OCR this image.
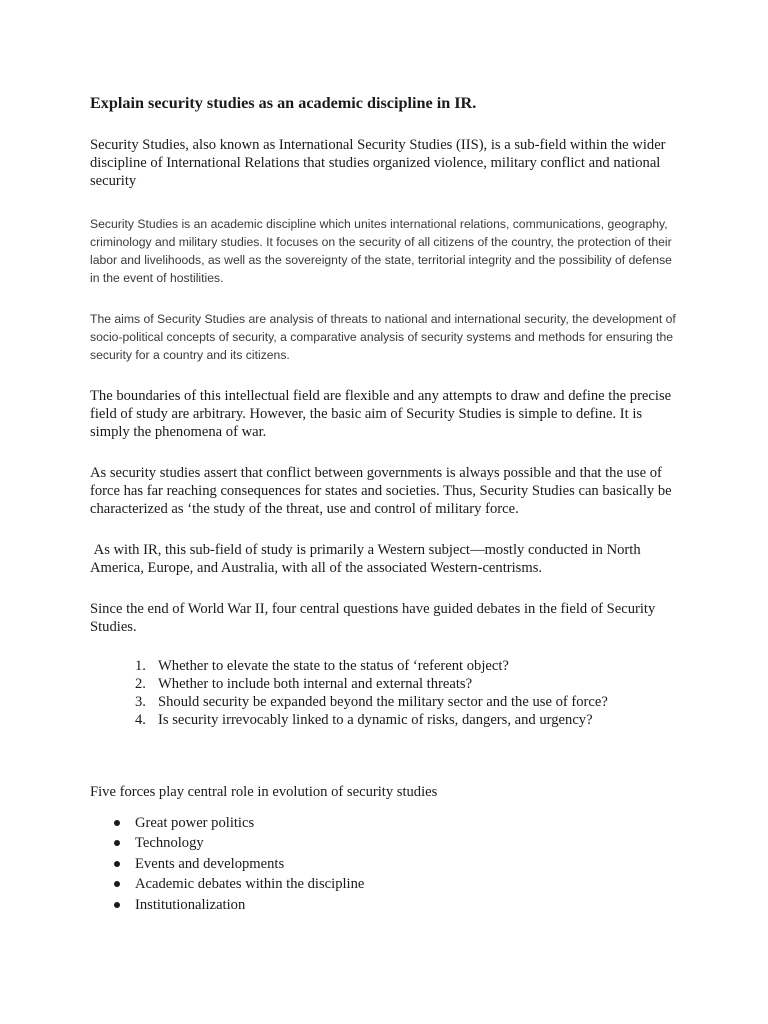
Explain security studies as an academic discipline in IR.

Security Studies, also known as International Security Studies (IIS), is a sub-field within the wider discipline of International Relations that studies organized violence, military conflict and national security

Security Studies is an academic discipline which unites international relations, communications, geography, criminology and military studies. It focuses on the security of all citizens of the country, the protection of their labor and livelihoods, as well as the sovereignty of the state, territorial integrity and the possibility of defense in the event of hostilities.

The aims of Security Studies are analysis of threats to national and international security, the development of socio-political concepts of security, a comparative analysis of security systems and methods for ensuring the security for a country and its citizens.

The boundaries of this intellectual field are flexible and any attempts to draw and define the precise field of study are arbitrary. However, the basic aim of Security Studies is simple to define. It is simply the phenomena of war.

As security studies assert that conflict between governments is always possible and that the use of force has far reaching consequences for states and societies. Thus, Security Studies can basically be characterized as ‘the study of the threat, use and control of military force.

As with IR, this sub-field of study is primarily a Western subject—mostly conducted in North America, Europe, and Australia, with all of the associated Western-centrisms.

Since the end of World War II, four central questions have guided debates in the field of Security Studies.

1. Whether to elevate the state to the status of ‘referent object?
2. Whether to include both internal and external threats?
3. Should security be expanded beyond the military sector and the use of force?
4. Is security irrevocably linked to a dynamic of risks, dangers, and urgency?

Five forces play central role in evolution of security studies

Great power politics
Technology
Events and developments
Academic debates within the discipline
Institutionalization
